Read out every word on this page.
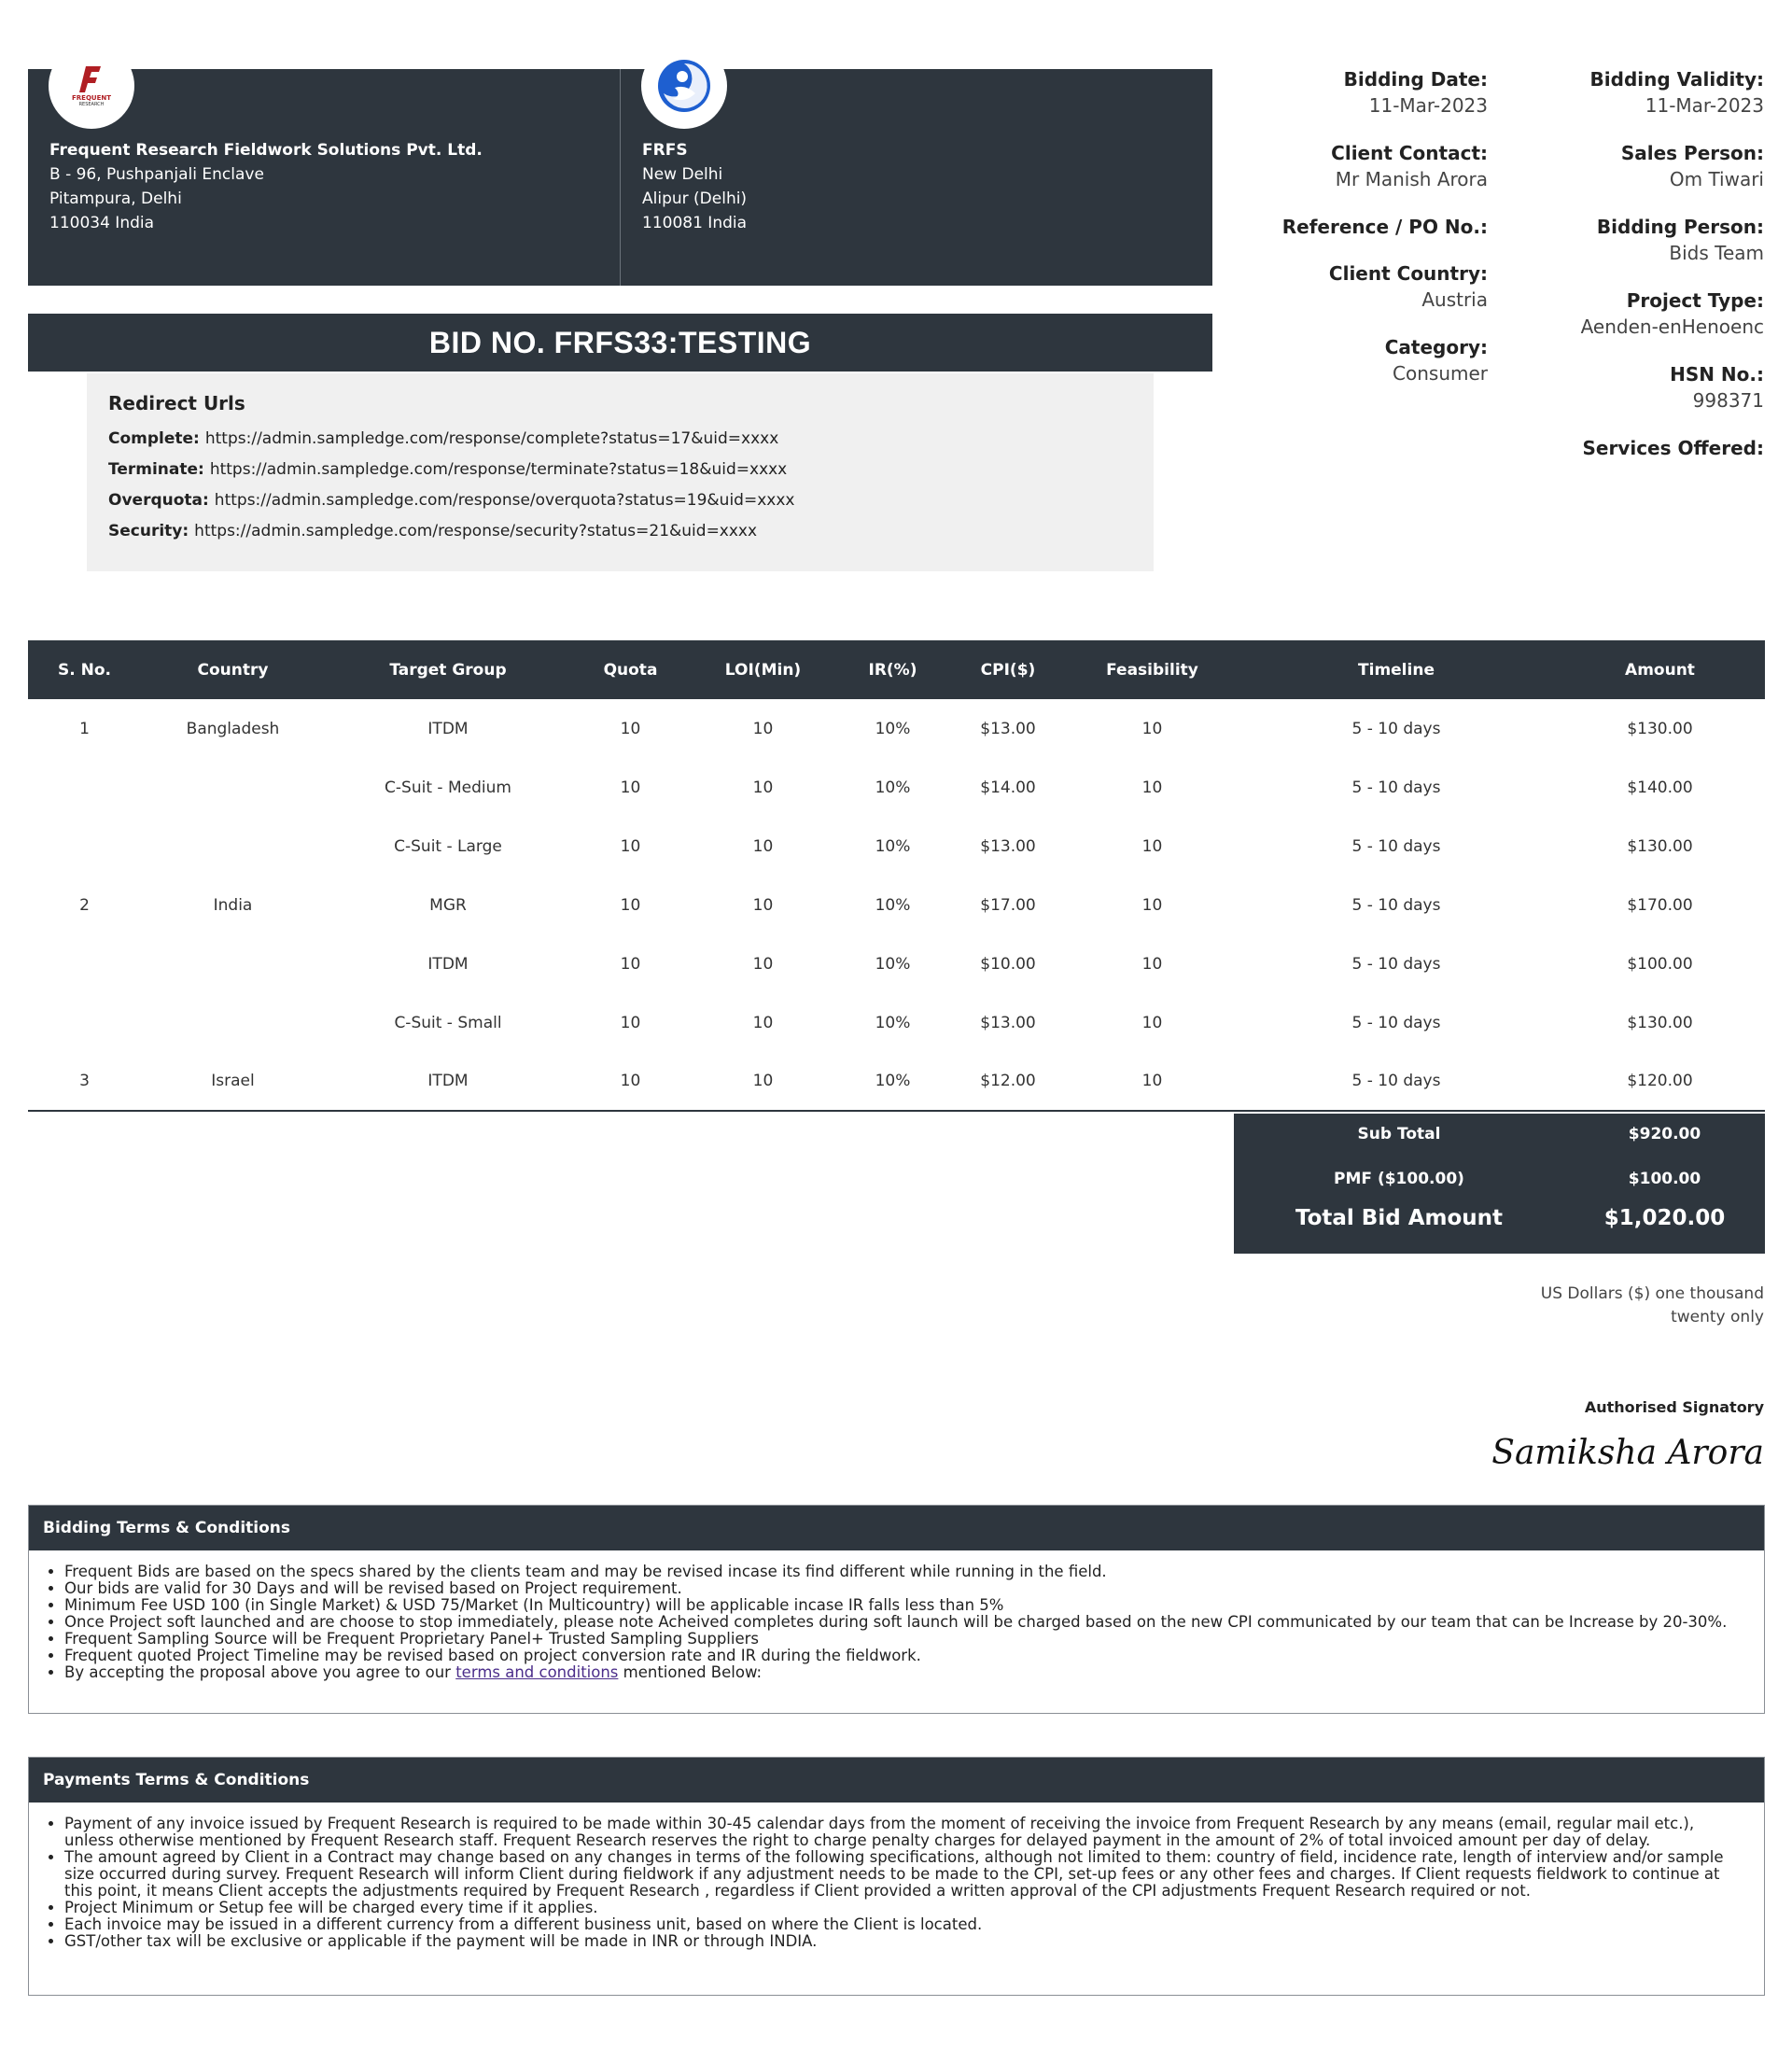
FREQUENT
RESEARCH
Frequent Research Fieldwork Solutions Pvt. Ltd.
B - 96, Pushpanjali Enclave
Pitampura, Delhi
110034 India
FRFS
New Delhi
Alipur (Delhi)
110081 India
Bidding Date:
11-Mar-2023
Client Contact:
Mr Manish Arora
Reference / PO No.:
Client Country:
Austria
Category:
Consumer
Bidding Validity:
11-Mar-2023
Sales Person:
Om Tiwari
Bidding Person:
Bids Team
Project Type:
Aenden-enHenoenc
HSN No.:
998371
Services Offered:
BID NO. FRFS33:TESTING
Redirect Urls
Complete: https://admin.sampledge.com/response/complete?status=17&uid=xxxx
Terminate: https://admin.sampledge.com/response/terminate?status=18&uid=xxxx
Overquota: https://admin.sampledge.com/response/overquota?status=19&uid=xxxx
Security: https://admin.sampledge.com/response/security?status=21&uid=xxxx
S. No.	Country	Target Group	Quota	LOI(Min)	IR(%)	CPI($)	Feasibility	Timeline	Amount
1	Bangladesh	ITDM	10	10	10%	$13.00	10	5 - 10 days	$130.00
		C-Suit - Medium	10	10	10%	$14.00	10	5 - 10 days	$140.00
		C-Suit - Large	10	10	10%	$13.00	10	5 - 10 days	$130.00
2	India	MGR	10	10	10%	$17.00	10	5 - 10 days	$170.00
		ITDM	10	10	10%	$10.00	10	5 - 10 days	$100.00
		C-Suit - Small	10	10	10%	$13.00	10	5 - 10 days	$130.00
3	Israel	ITDM	10	10	10%	$12.00	10	5 - 10 days	$120.00
Sub Total	$920.00
PMF ($100.00)	$100.00
Total Bid Amount	$1,020.00
US Dollars ($) one thousand twenty only
Authorised Signatory
Samiksha Arora
Bidding Terms & Conditions
• Frequent Bids are based on the specs shared by the clients team and may be revised incase its find different while running in the field.
• Our bids are valid for 30 Days and will be revised based on Project requirement.
• Minimum Fee USD 100 (in Single Market) & USD 75/Market (In Multicountry) will be applicable incase IR falls less than 5%
• Once Project soft launched and are choose to stop immediately, please note Acheived completes during soft launch will be charged based on the new CPI communicated by our team that can be Increase by 20-30%.
• Frequent Sampling Source will be Frequent Proprietary Panel+ Trusted Sampling Suppliers
• Frequent quoted Project Timeline may be revised based on project conversion rate and IR during the fieldwork.
• By accepting the proposal above you agree to our terms and conditions mentioned Below:
Payments Terms & Conditions
• Payment of any invoice issued by Frequent Research is required to be made within 30-45 calendar days from the moment of receiving the invoice from Frequent Research by any means (email, regular mail etc.), unless otherwise mentioned by Frequent Research staff. Frequent Research reserves the right to charge penalty charges for delayed payment in the amount of 2% of total invoiced amount per day of delay.
• The amount agreed by Client in a Contract may change based on any changes in terms of the following specifications, although not limited to them: country of field, incidence rate, length of interview and/or sample size occurred during survey. Frequent Research will inform Client during fieldwork if any adjustment needs to be made to the CPI, set-up fees or any other fees and charges. If Client requests fieldwork to continue at this point, it means Client accepts the adjustments required by Frequent Research , regardless if Client provided a written approval of the CPI adjustments Frequent Research required or not.
• Project Minimum or Setup fee will be charged every time if it applies.
• Each invoice may be issued in a different currency from a different business unit, based on where the Client is located.
• GST/other tax will be exclusive or applicable if the payment will be made in INR or through INDIA.
